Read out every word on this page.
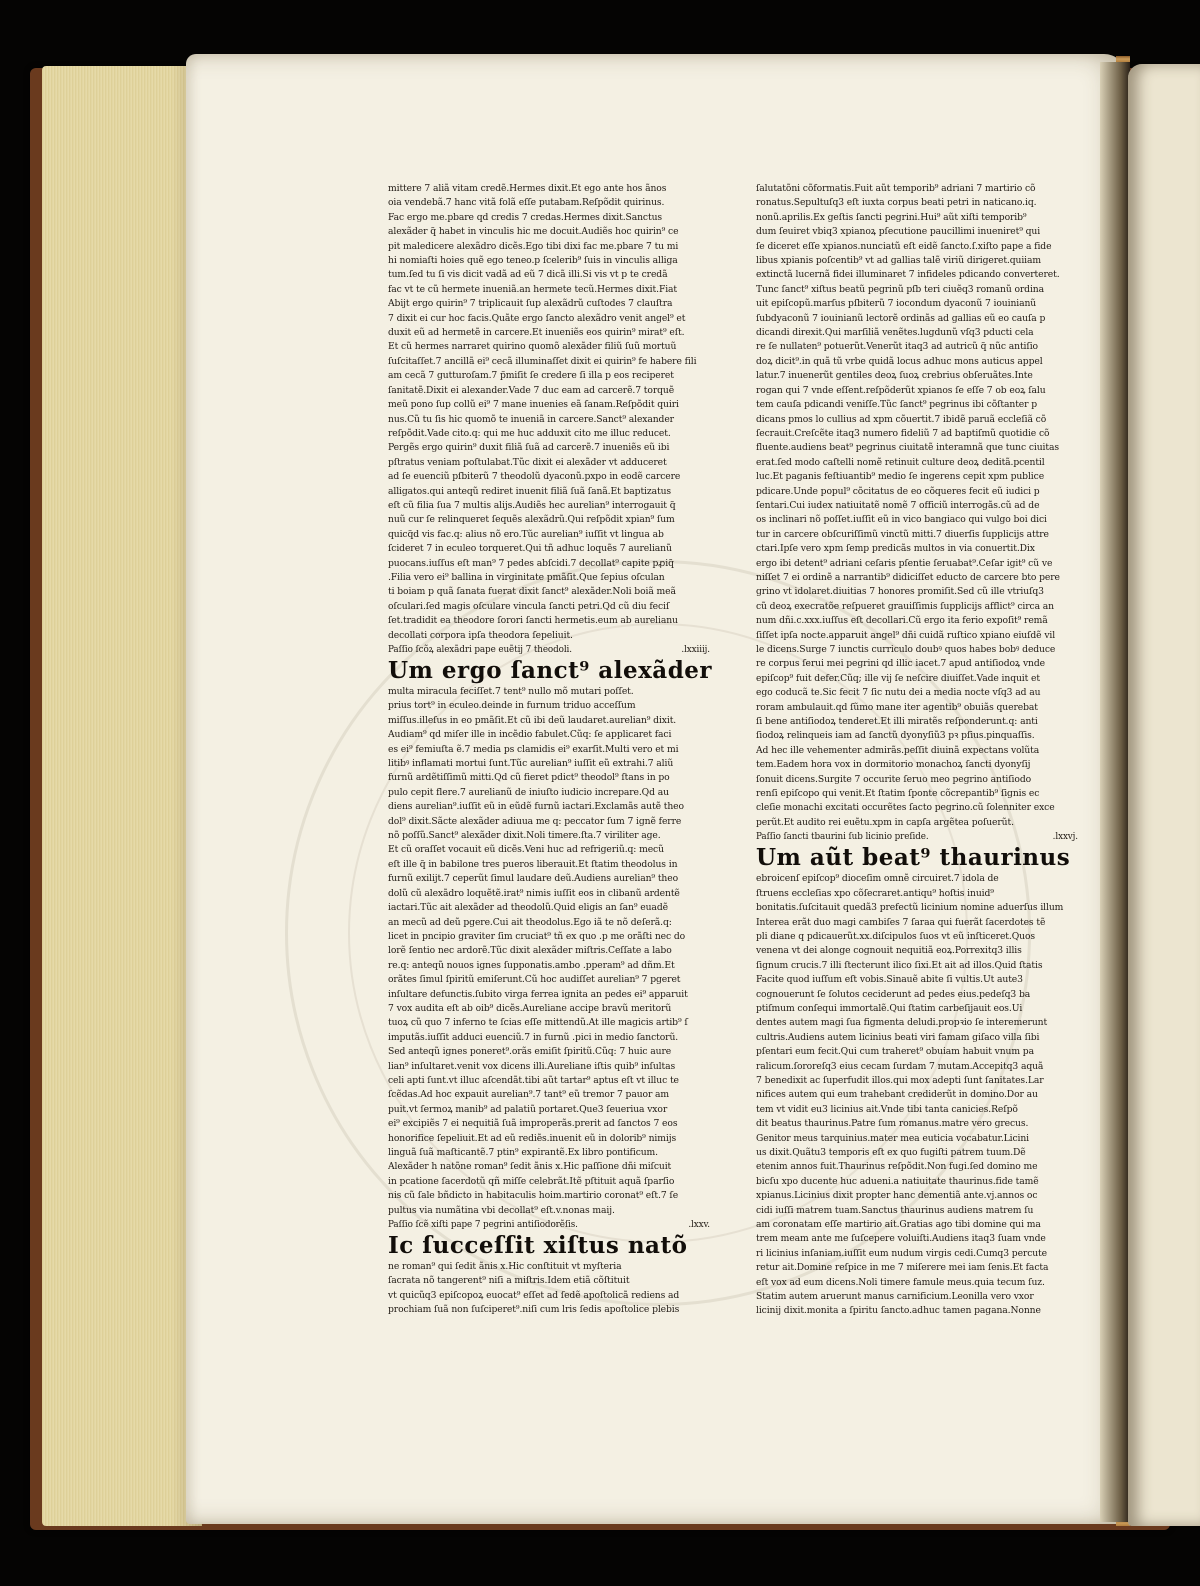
mittere 7 aliã vitam credẽ.Hermes dixit.Et ego ante hos ãnos
oia vendebã.7 hanc vitã folã eſſe putabam.Reſpõdit quirinus.
Fac ergo me.pbare qd credis 7 credas.Hermes dixit.Sanctus
alexãder q̃ habet in vinculis hic me docuit.Audiẽs hoc quirin⁹ ce
pit maledicere alexãdro dicẽs.Ego tibi dixi fac me.pbare 7 tu mi
hi nomiaſti hoies quẽ ego teneo.p ſcelerib⁹ ſuis in vinculis alliga
tum.ſed tu ſi vis dicit vadã ad eũ 7 dicã illi.Si vis vt p te credã
fac vt te cũ hermete inueniã.an hermete tecũ.Hermes dixit.Fiat
Abijt ergo quirin⁹ 7 triplicauit ſup alexãdrũ cuſtodes 7 clauſtra
7 dixit ei cur hoc facis.Quãte ergo ſancto alexãdro venit angel⁹ et
duxit eũ ad hermetẽ in carcere.Et inueniẽs eos quirin⁹ mirat⁹ eſt.
Et cũ hermes narraret quirino quomõ alexãder filiũ ſuũ mortuũ
ſuſcitaſſet.7 ancillã ei⁹ cecã illuminaſſet dixit ei quirin⁹ fe habere fili
am cecã 7 gutturoſam.7 p̃miſit ſe credere ſi illa p eos reciperet
ſanitatẽ.Dixit ei alexander.Vade 7 duc eam ad carcerẽ.7 torquẽ
meũ pono ſup collũ ei⁹ 7 mane inuenies eã ſanam.Reſpõdit quiri
nus.Cũ tu ſis hic quomõ te inueniã in carcere.Sanct⁹ alexander
reſpõdit.Vade cito.q: qui me huc adduxit cito me illuc reducet.
Pergẽs ergo quirin⁹ duxit filiã ſuã ad carcerẽ.7 inueniẽs eũ ibi
pſtratus veniam poſtulabat.Tũc dixit ei alexãder vt adduceret
ad ſe euenciũ pſbiterũ 7 theodolũ dyaconũ.pxpo in eodẽ carcere
alligatos.qui anteqũ rediret inuenit filiã ſuã ſanã.Et baptizatus
eſt cũ filia ſua 7 multis alijs.Audiẽs hec aurelian⁹ interrogauit q̃
nuũ cur ſe relinqueret ſequẽs alexãdrũ.Qui reſpõdit xpian⁹ ſum
quicq̃d vis fac.q: alius nõ ero.Tũc aurelian⁹ iuſſit vt lingua ab
ſcideret 7 in eculeo torqueret.Qui tñ adhuc loquẽs 7 aurelianũ
puocans.iuſſus eſt man⁹ 7 pedes abſcidi.7 decollat⁹ capite pꝓiq̃
.Filia vero ei⁹ ballina in virginitate pmãſit.Que ſepius oſculan
ti boiam p quã ſanata fuerat dixit ſanct⁹ alexãder.Noli boiã meã
oſculari.ſed magis oſculare vincula ſancti petri.Qd cũ diu feciſ
ſet.tradidit ea theodore ſorori ſancti hermetis.eum ab aurelianu
decollati corpora ipſa theodora ſepeliuit.
Paſſio ſcõꝝ alexãdri pape euẽtij 7 theodoli.	.lxxiiij.
Um ergo ſanct⁹ alexãder
multa miracula feciſſet.7 tent⁹ nullo mõ mutari poſſet.
prius tort⁹ in eculeo.deinde in furnum triduo acceſſum
miſſus.illeſus in eo pmãſit.Et cũ ibi deũ laudaret.aurelian⁹ dixit.
Audiam⁹ qd miſer ille in incẽdio fabulet.Cũq: ſe applicaret faci
es ei⁹ femiuſta ẽ.7 media ps clamidis ei⁹ exarſit.Multi vero et mi
litibꝰ inflamati mortui ſunt.Tũc aurelian⁹ iuſſit eũ extrahi.7 aliũ
furnũ ardẽtiſſimũ mitti.Qd cũ fieret pdict⁹ theodol⁹ ſtans in po
pulo cepit flere.7 aurelianũ de iniuſto iudicio increpare.Qd au
diens aurelian⁹.iuſſit eũ in eũdẽ furnũ iactari.Exclamãs autẽ theo
dol⁹ dixit.Sãcte alexãder adiuua me q: peccator ſum 7 ignẽ ferre
nõ poſſũ.Sanct⁹ alexãder dixit.Noli timere.ſta.7 viriliter age.
Et cũ oraſſet vocauit eũ dicẽs.Veni huc ad refrigeriũ.q: mecũ
eſt ille q̃ in babilone tres pueros liberauit.Et ſtatim theodolus in
furnũ exilijt.7 ceperũt ſimul laudare deũ.Audiens aurelian⁹ theo
dolũ cũ alexãdro loquẽtẽ.irat⁹ nimis iuſſit eos in clibanũ ardentẽ
iactari.Tũc ait alexãder ad theodolũ.Quid eligis an ſan⁹ euadẽ
an mecũ ad deũ pgere.Cui ait theodolus.Ego iã te nõ deſerã.q:
licet in pncipio graviter ſim cruciat⁹ tñ ex quo .p me orãſti nec do
lorẽ ſentio nec ardorẽ.Tũc dixit alexãder miſtris.Ceſſate a labo
re.q: anteqũ nouos ignes ſupponatis.ambo .pperam⁹ ad dñm.Et
orãtes ſimul ſpiritũ emiſerunt.Cũ hoc audiſſet aurelian⁹ 7 pgeret
inſultare defunctis.ſubito virga ferrea ignita an pedes ei⁹ apparuit
7 vox audita eſt ab oib⁹ dicẽs.Aureliane accipe bravũ meritorũ
tuoꝝ cũ quo 7 inferno te ſcias eſſe mittendũ.At ille magicis artib⁹ ſ
imputãs.iuſſit adduci euenciũ.7 in furnũ .pici in medio ſanctorũ.
Sed anteqũ ignes poneret⁹.orãs emiſit ſpiritũ.Cũq: 7 huic aure
lian⁹ inſultaret.venit vox dicens illi.Aureliane iſtis quib⁹ inſultas
celi apti ſunt.vt illuc aſcendãt.tibi aũt tartar⁹ aptus eſt vt illuc te
ſcẽdas.Ad hoc expauit aurelian⁹.7 tant⁹ eũ tremor 7 pauor am
puit.vt ſermoꝝ manib⁹ ad palatiũ portaret.Que3 ſeueriua vxor
ei⁹ excipiẽs 7 ei nequitiã ſuã improperãs.prerit ad ſanctos 7 eos
honorifice ſepeliuit.Et ad eũ rediẽs.inuenit eũ in dolorib⁹ nimijs
linguã ſuã maſticantẽ.7 ptin⁹ expirantẽ.Ex libro pontificum.
Alexãder h natõne roman⁹ ſedit ãnis x.Hic paſſione dñi miſcuit
in pcatione ſacerdotũ qñ miſſe celebrãt.Itẽ pſtituit aquã ſparſio
nis cũ ſale bñdicto in habitaculis hoim.martirio coronat⁹ eſt.7 ſe
pultus via numãtina vbi decollat⁹ eſt.v.nonas maij.
Paſſio ſcẽ xiſti pape 7 pegrini antiſiodorẽſis.	.lxxv.
Ic ſucceſſit xiſtus natõ
ne roman⁹ qui ſedit ãnis x.Hic conſtituit vt myſteria
ſacrata nõ tangerent⁹ niſi a miſtris.Idem etiã cõſtituit
vt quicũq3 epiſcopoꝝ euocat⁹ eſſet ad ſedẽ apoſtolicã rediens ad
prochiam ſuã non ſuſciperet⁹.niſi cum lris ſedis apoſtolice plebis
ſalutatõni cõformatis.Fuit aũt temporib⁹ adriani 7 martirio cõ
ronatus.Sepultuſq3 eſt iuxta corpus beati petri in naticano.iq.
nonũ.aprilis.Ex geſtis ſancti pegrini.Hui⁹ aũt xiſti temporib⁹
dum ſeuiret vbiq3 xpianoꝝ pſecutione paucillimi inueniret⁹ qui
ſe diceret eſſe xpianos.nunciatũ eſt eidẽ ſancto.ſ.xiſto pape a fide
libus xpianis poſcentib⁹ vt ad gallias talẽ viriũ dirigeret.quiiam
extinctã lucernã fidei illuminaret 7 infideles pdicando converteret.
Tunc ſanct⁹ xiſtus beatũ pegrinũ pſb teri ciuẽq3 romanũ ordina
uit epiſcopũ.marſus pſbiterũ 7 iocondum dyaconũ 7 iouinianũ
ſubdyaconũ 7 iouinianũ lectorẽ ordinãs ad gallias eũ eo cauſa p
dicandi direxit.Qui marſiliã venẽtes.lugdunũ vſq3 pducti cela
re ſe nullaten⁹ potuerũt.Venerũt itaq3 ad autricũ q̃ nũc antiſio
doꝝ dicit⁹.in quã tũ vrbe quidã locus adhuc mons auticus appel
latur.7 inuenerũt gentiles deoꝝ ſuoꝝ crebrius obſeruãtes.Inte
rogan qui 7 vnde eſſent.reſpõderũt xpianos ſe eſſe 7 ob eoꝝ ſalu
tem cauſa pdicandi veniſſe.Tũc ſanct⁹ pegrinus ibi cõſtanter p
dicans pmos lo cullius ad xpm cõuertit.7 ibidẽ paruã eccleſiã cõ
ſecrauit.Creſcẽte itaq3 numero fideliũ 7 ad baptiſmũ quotidie cõ
fluente.audiens beat⁹ pegrinus ciuitatẽ interamnã que tunc ciuitas
erat.ſed modo caſtelli nomẽ retinuit culture deoꝝ deditã.pcentil
luc.Et paganis feſtiuantib⁹ medio ſe ingerens cepit xpm publice
pdicare.Unde popul⁹ cõcitatus de eo cõqueres fecit eũ iudici p
ſentari.Cui iudex natiuitatẽ nomẽ 7 officiũ interrogãs.cũ ad de
os inclinari nõ poſſet.iuſſit eũ in vico bangiaco qui vulgo boi dici
tur in carcere obſcuriſſimũ vinctũ mitti.7 diuerſis ſupplicijs attre
ctari.Ipſe vero xpm ſemp predicãs multos in via conuertit.Dix
ergo ibi detent⁹ adriani ceſaris pſentie ſeruabat⁹.Ceſar igit⁹ cũ ve
niſſet 7 ei ordinẽ a narrantib⁹ didiciſſet educto de carcere bto pere
grino vt idolaret.diuitias 7 honores promiſit.Sed cũ ille vtriuſq3
cũ deoꝝ execratõe reſpueret grauiſſimis ſupplicijs afflict⁹ circa an
num dñi.c.xxx.iuſſus eſt decollari.Cũ ergo ita ferio expoſit⁹ remã
ſiſſet ipſa nocte.apparuit angel⁹ dñi cuidã ruſtico xpiano eiuſdẽ vil
le dicens.Surge 7 iunctis curriculo doubꝰ quos habes bobꝰ deduce
re corpus ſerui mei pegrini qd illic iacet.7 apud antiſiodoꝝ vnde
epiſcop⁹ fuit defer.Cũq; ille vij ſe neſcire diuiſſet.Vade inquit et
ego coducã te.Sic fecit 7 ſic nutu dei a media nocte vſq3 ad au
roram ambulauit.qd ſũmo mane iter agentib⁹ obuiãs querebat
ſi bene antiſiodoꝝ tenderet.Et illi miratẽs reſponderunt.q: anti
ſiodoꝝ relinqueis iam ad ſanctũ dyonyſiũ3 pꝛ pſius.pinquaſſis.
Ad hec ille vehementer admirãs.peſſit diuinã expectans volũta
tem.Eadem hora vox in dormitorio monachoꝝ ſancti dyonyſij
ſonuit dicens.Surgite 7 occurite ſeruo meo pegrino antiſiodo
renſi epiſcopo qui venit.Et ſtatim ſponte cõcrepantib⁹ ſignis ec
cleſie monachi excitati occurẽtes ſacto pegrino.cũ ſolenniter exce
perũt.Et audito rei euẽtu.xpm in capſa argẽtea poſuerũt.
Paſſio ſancti tbaurini ſub licinio preſide.	.lxxvj.
Um aũt beat⁹ thaurinus
ebroicenſ epiſcop⁹ dioceſim omnẽ circuiret.7 idola de
ſtruens eccleſias xpo cõſecraret.antiqu⁹ hoſtis inuid⁹
bonitatis.ſuſcitauit quedã3 prefectũ licinium nomine aduerſus illum
Interea erãt duo magi cambiſes 7 ſaraa qui fuerãt ſacerdotes tẽ
pli diane q pdicauerũt.xx.diſcipulos ſuos vt eũ inſticeret.Quos
venena vt dei alonge cognouit nequitiã eoꝝ.Porrexitq3 illis
ſignum crucis.7 illi ſtecterunt ilico ſixi.Et ait ad illos.Quid ſtatis
Facite quod iuſſum eſt vobis.Sinauẽ abite ſi vultis.Ut aute3
cognouerunt ſe ſolutos ceciderunt ad pedes eius.pedeſq3 ba
ptiſmum conſequi immortalẽ.Qui ſtatim carbeſijauit eos.Ui
dentes autem magi ſua figmenta deludi.propꝛio ſe interemerunt
cultris.Audiens autem licinius beati viri famam giſaco villa ſibi
pſentari eum fecit.Qui cum traheret⁹ obuiam habuit vnum pa
ralicum.ſororeſq3 eius cecam ſurdam 7 mutam.Accepitq3 aquã
7 benedixit ac ſuperfudit illos.qui mox adepti ſunt ſanitates.Lar
nifices autem qui eum trahebant crediderũt in domino.Dor au
tem vt vidit eu3 licinius ait.Vnde tibi tanta canicies.Reſpõ
dit beatus thaurinus.Patre ſum romanus.matre vero grecus.
Genitor meus tarquinius.mater mea euticia vocabatur.Licini
us dixit.Quãtu3 temporis eſt ex quo fugiſti patrem tuum.Dẽ
etenim annos fuit.Thaurinus reſpõdit.Non fugi.ſed domino me
bicſu xpo ducente huc adueni.a natiuitate thaurinus.fide tamẽ
xpianus.Licinius dixit propter hanc dementiã ante.vj.annos oc
cidi iuſſi matrem tuam.Sanctus thaurinus audiens matrem ſu
am coronatam eſſe martirio ait.Gratias ago tibi domine qui ma
trem meam ante me ſuſcepere voluiſti.Audiens itaq3 ſuam vnde
ri licinius inſaniam.iuſſit eum nudum virgis cedi.Cumq3 percute
retur ait.Domine reſpice in me 7 miſerere mei iam ſenis.Et facta
eſt vox ad eum dicens.Noli timere famule meus.quia tecum ſuz.
Statim autem aruerunt manus carnificium.Leonilla vero vxor
licinij dixit.monita a ſpiritu ſancto.adhuc tamen pagana.Nonne
